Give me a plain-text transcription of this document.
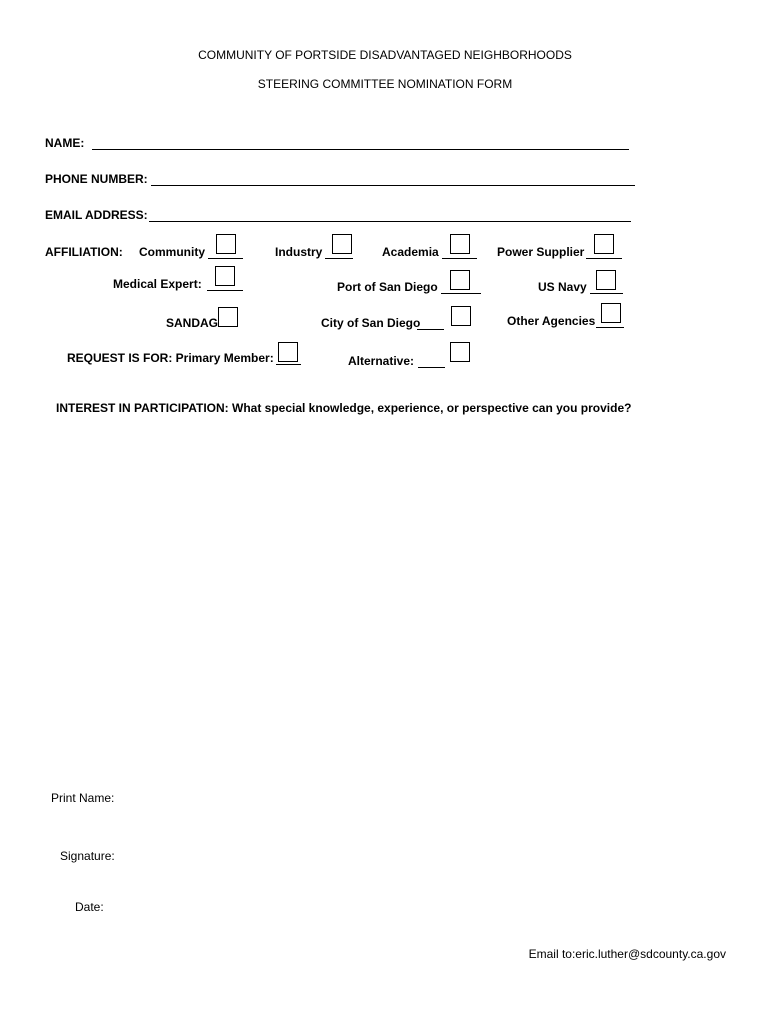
COMMUNITY OF PORTSIDE DISADVANTAGED NEIGHBORHOODS
STEERING COMMITTEE NOMINATION FORM
NAME:
PHONE NUMBER:
EMAIL ADDRESS:
AFFILIATION: Community	Industry	Academia	Power Supplier
Medical Expert:	Port of San Diego	US Navy
SANDAG	City of San Diego	Other Agencies
REQUEST IS FOR: Primary Member:	Alternative:
INTEREST IN PARTICIPATION: What special knowledge, experience, or perspective can you provide?
Print Name:
Signature:
Date:
Email to:eric.luther@sdcounty.ca.gov
